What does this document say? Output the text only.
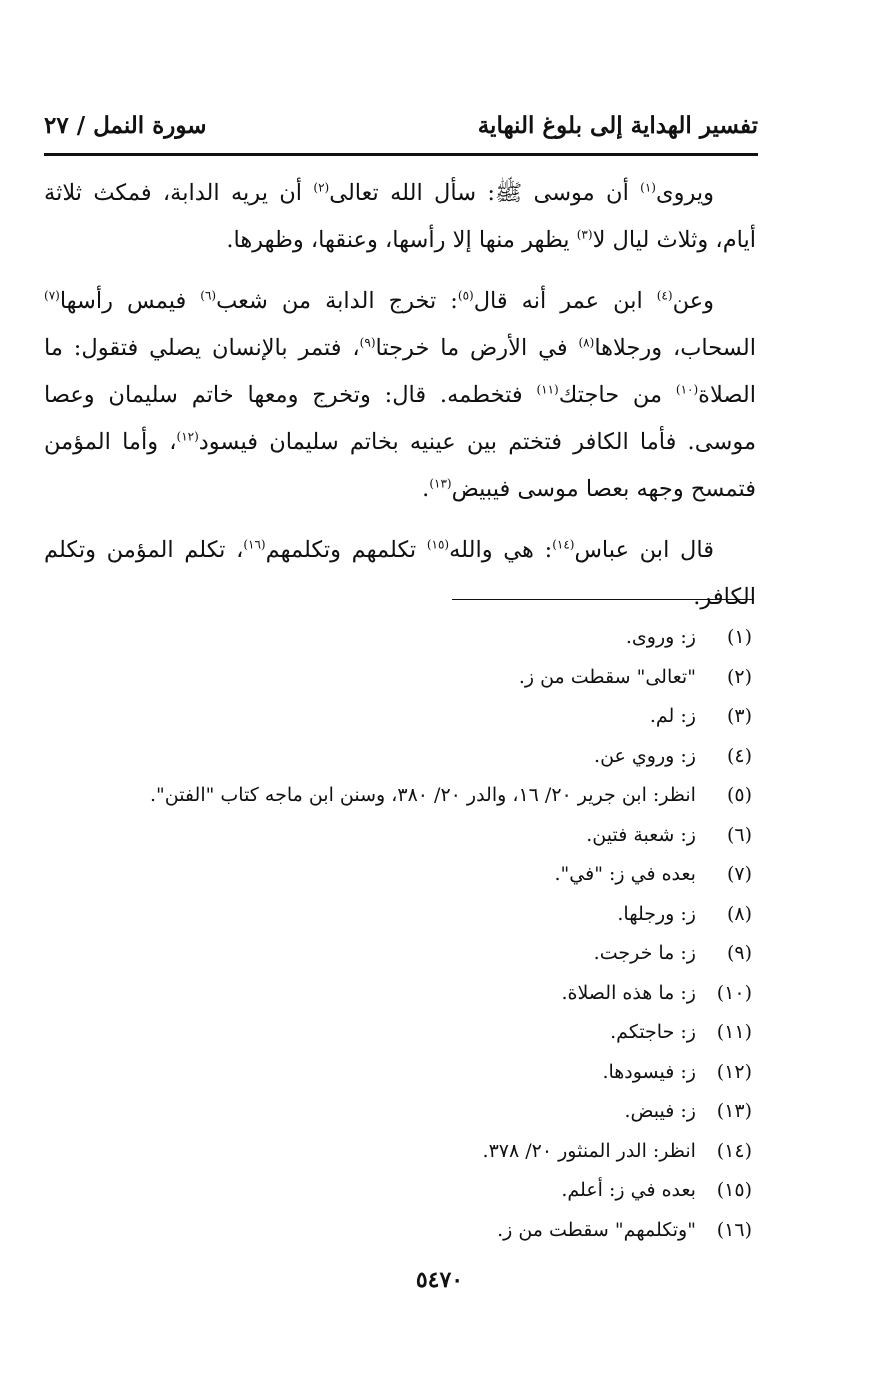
تفسير الهداية إلى بلوغ النهاية
سورة النمل / ٢٧

ويروى$^{(١)}$ أن موسى ﷺ: سأل الله تعالى$^{(٢)}$ أن يريه الدابة، فمكث ثلاثة أيام، وثلاث ليال لا$^{(٣)}$ يظهر منها إلا رأسها، وعنقها، وظهرها.

وعن$^{(٤)}$ ابن عمر أنه قال$^{(٥)}$: تخرج الدابة من شعب$^{(٦)}$ فيمس رأسها$^{(٧)}$ السحاب، ورجلاها$^{(٨)}$ في الأرض ما خرجتا$^{(٩)}$، فتمر بالإنسان يصلي فتقول: ما الصلاة$^{(١٠)}$ من حاجتك$^{(١١)}$ فتخطمه. قال: وتخرج ومعها خاتم سليمان وعصا موسى. فأما الكافر فتختم بين عينيه بخاتم سليمان فيسود$^{(١٢)}$، وأما المؤمن فتمسح وجهه بعصا موسى فيبيض$^{(١٣)}$.

قال ابن عباس$^{(١٤)}$: هي والله$^{(١٥)}$ تكلمهم وتكلمهم$^{(١٦)}$، تكلم المؤمن وتكلم الكافر.

(١) ز: وروى.
(٢) "تعالى" سقطت من ز.
(٣) ز: لم.
(٤) ز: وروي عن.
(٥) انظر: ابن جرير ٢٠/ ١٦، والدر ٢٠/ ٣٨٠، وسنن ابن ماجه كتاب "الفتن".
(٦) ز: شعبة فتين.
(٧) بعده في ز: "في".
(٨) ز: ورجلها.
(٩) ز: ما خرجت.
(١٠) ز: ما هذه الصلاة.
(١١) ز: حاجتكم.
(١٢) ز: فيسودها.
(١٣) ز: فيبض.
(١٤) انظر: الدر المنثور ٢٠/ ٣٧٨.
(١٥) بعده في ز: أعلم.
(١٦) "وتكلمهم" سقطت من ز.
٥٤٧٠
